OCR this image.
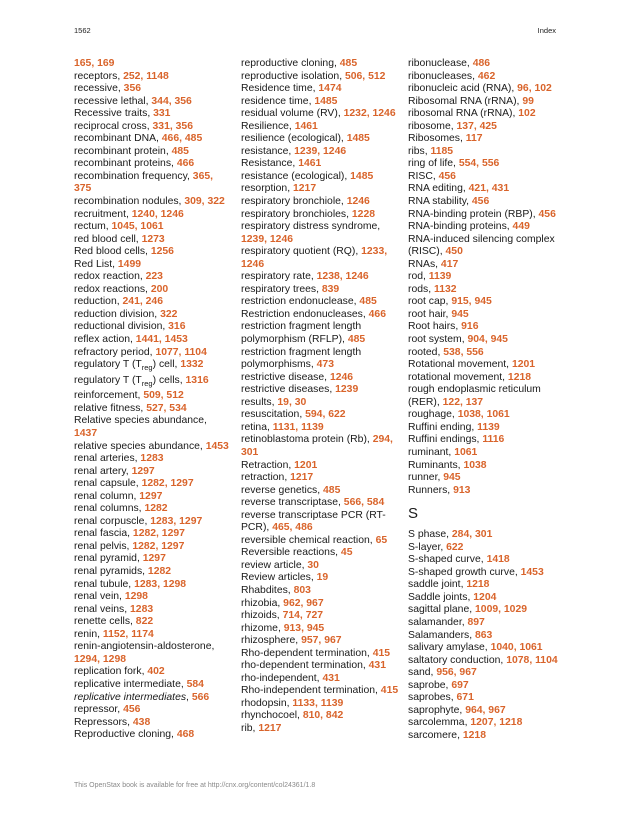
1562	Index
165, 169
receptors, 252, 1148
recessive, 356
recessive lethal, 344, 356
Recessive traits, 331
reciprocal cross, 331, 356
recombinant DNA, 466, 485
recombinant protein, 485
recombinant proteins, 466
recombination frequency, 365, 375
recombination nodules, 309, 322
recruitment, 1240, 1246
rectum, 1045, 1061
red blood cell, 1273
Red blood cells, 1256
Red List, 1499
redox reaction, 223
redox reactions, 200
reduction, 241, 246
reduction division, 322
reductional division, 316
reflex action, 1441, 1453
refractory period, 1077, 1104
regulatory T $(T_{reg})$ cell, 1332
regulatory T $(T_{reg})$ cells, 1316
reinforcement, 509, 512
relative fitness, 527, 534
Relative species abundance, 1437
relative species abundance, 1453
renal arteries, 1283
renal artery, 1297
renal capsule, 1282, 1297
renal column, 1297
renal columns, 1282
renal corpuscle, 1283, 1297
renal fascia, 1282, 1297
renal pelvis, 1282, 1297
renal pyramid, 1297
renal pyramids, 1282
renal tubule, 1283, 1298
renal vein, 1298
renal veins, 1283
renette cells, 822
renin, 1152, 1174
renin-angiotensin-aldosterone, 1294, 1298
replication fork, 402
replicative intermediate, 584
replicative intermediates, 566
repressor, 456
Repressors, 438
Reproductive cloning, 468
reproductive cloning, 485
reproductive isolation, 506, 512
Residence time, 1474
residence time, 1485
residual volume (RV), 1232, 1246
Resilience, 1461
resilience (ecological), 1485
resistance, 1239, 1246
Resistance, 1461
resistance (ecological), 1485
resorption, 1217
respiratory bronchiole, 1246
respiratory bronchioles, 1228
respiratory distress syndrome, 1239, 1246
respiratory quotient (RQ), 1233, 1246
respiratory rate, 1238, 1246
respiratory trees, 839
restriction endonuclease, 485
Restriction endonucleases, 466
restriction fragment length polymorphism (RFLP), 485
restriction fragment length polymorphisms, 473
restrictive disease, 1246
restrictive diseases, 1239
results, 19, 30
resuscitation, 594, 622
retina, 1131, 1139
retinoblastoma protein (Rb), 294, 301
Retraction, 1201
retraction, 1217
reverse genetics, 485
reverse transcriptase, 566, 584
reverse transcriptase PCR (RT-PCR), 465, 486
reversible chemical reaction, 65
Reversible reactions, 45
review article, 30
Review articles, 19
Rhabdites, 803
rhizobia, 962, 967
rhizoids, 714, 727
rhizome, 913, 945
rhizosphere, 957, 967
Rho-dependent termination, 415
rho-dependent termination, 431
rho-independent, 431
Rho-independent termination, 415
rhodopsin, 1133, 1139
rhynchocoel, 810, 842
rib, 1217
ribonuclease, 486
ribonucleases, 462
ribonucleic acid (RNA), 96, 102
Ribosomal RNA (rRNA), 99
ribosomal RNA (rRNA), 102
ribosome, 137, 425
Ribosomes, 117
ribs, 1185
ring of life, 554, 556
RISC, 456
RNA editing, 421, 431
RNA stability, 456
RNA-binding protein (RBP), 456
RNA-binding proteins, 449
RNA-induced silencing complex (RISC), 450
RNAs, 417
rod, 1139
rods, 1132
root cap, 915, 945
root hair, 945
Root hairs, 916
root system, 904, 945
rooted, 538, 556
Rotational movement, 1201
rotational movement, 1218
rough endoplasmic reticulum (RER), 122, 137
roughage, 1038, 1061
Ruffini ending, 1139
Ruffini endings, 1116
ruminant, 1061
Ruminants, 1038
runner, 945
Runners, 913
S
S phase, 284, 301
S-layer, 622
S-shaped curve, 1418
S-shaped growth curve, 1453
saddle joint, 1218
Saddle joints, 1204
sagittal plane, 1009, 1029
salamander, 897
Salamanders, 863
salivary amylase, 1040, 1061
saltatory conduction, 1078, 1104
sand, 956, 967
saprobe, 697
saprobes, 671
saprophyte, 964, 967
sarcolemma, 1207, 1218
sarcomere, 1218
This OpenStax book is available for free at http://cnx.org/content/col24361/1.8
